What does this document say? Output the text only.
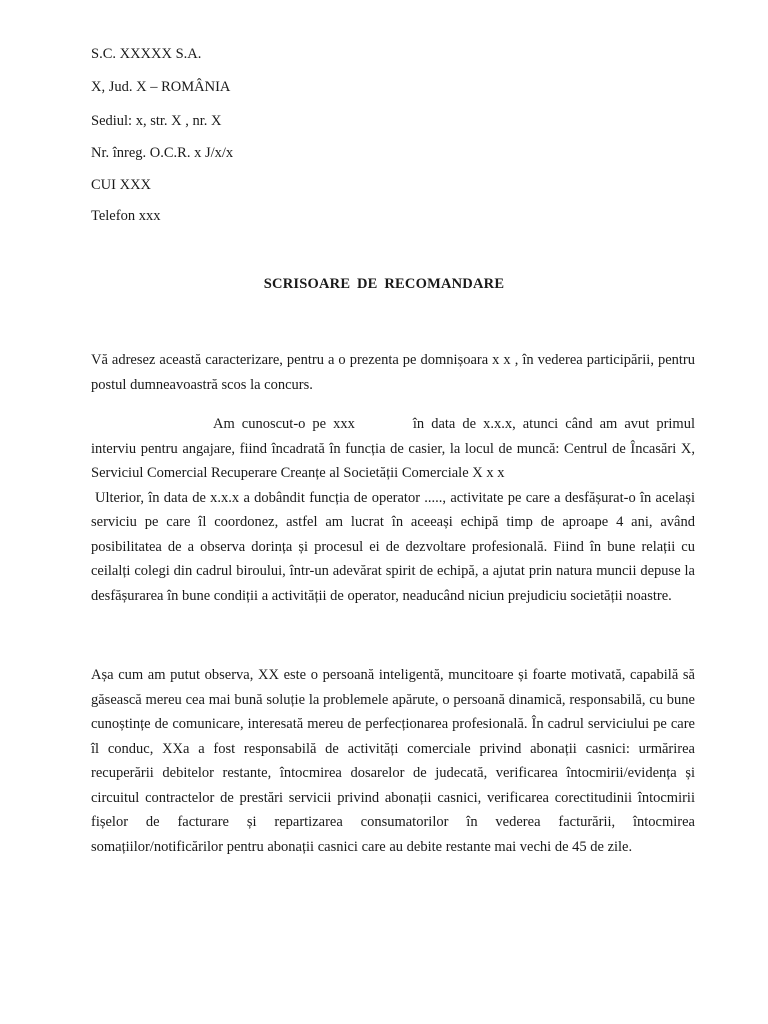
S.C. XXXXX S.A.

X, Jud. X – ROMÂNIA

Sediul: x, str. X , nr. X

Nr. înreg. O.C.R. x J/x/x

CUI XXX

Telefon xxx

SCRISOARE DE RECOMANDARE

Vă adresez această caracterizare, pentru a o prezenta pe domnișoara x x , în vederea participării, pentru postul dumneavoastră scos la concurs.

Am cunoscut-o pe xxx	în data de x.x.x, atunci când am avut primul interviu pentru angajare, fiind încadrată în funcția de casier, la locul de muncă: Centrul de Încasări X, Serviciul Comercial Recuperare Creanțe al Societății Comerciale X x x
Ulterior, în data de x.x.x a dobândit funcția de operator ....., activitate pe care a desfășurat-o în același serviciu pe care îl coordonez, astfel am lucrat în aceeași echipă timp de aproape 4 ani, având posibilitatea de a observa dorința și procesul ei de dezvoltare profesională. Fiind în bune relații cu ceilalți colegi din cadrul biroului, într-un adevărat spirit de echipă, a ajutat prin natura muncii depuse la desfășurarea în bune condiții a activității de operator, neaducând niciun prejudiciu societății noastre.

Așa cum am putut observa, XX este o persoană inteligentă, muncitoare și foarte motivată, capabilă să găsească mereu cea mai bună soluție la problemele apărute, o persoană dinamică, responsabilă, cu bune cunoștințe de comunicare, interesată mereu de perfecționarea profesională. În cadrul serviciului pe care îl conduc, XXa a fost responsabilă de activități comerciale privind abonații casnici: urmărirea recuperării debitelor restante, întocmirea dosarelor de judecată, verificarea întocmirii/evidența și circuitul contractelor de prestări servicii privind abonații casnici, verificarea corectitudinii întocmirii fișelor de facturare și repartizarea consumatorilor în vederea facturării, întocmirea somațiilor/notificărilor pentru abonații casnici care au debite restante mai vechi de 45 de zile.
